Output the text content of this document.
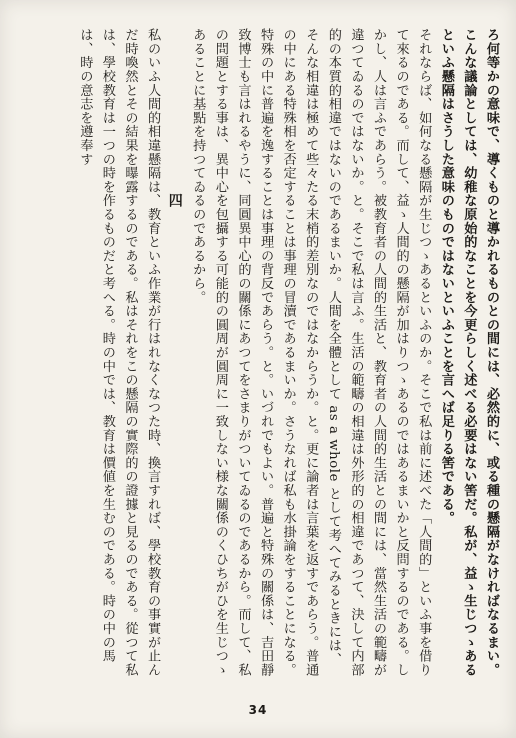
ろ何等かの意味で、導くものと導かれるものとの間には、必然的に、或る種の懸隔がなければなるまい。こんな議論としては、幼稚な原始的なことを今更らしく述べる必要はない筈だ。私が、益ゝ生じつゝあるといふ懸隔はさうした意味のものではないといふことを言へば足りる筈である。

それならば、如何なる懸隔が生じつゝあるといふのか。そこで私は前に述べた「人間的」といふ事を借りて來るのである。而して、益ゝ人間的の懸隔が加はりつゝあるのではあるまいかと反問するのである。しかし、人は言ふであらう。被教育者の人間的生活と、教育者の人間的生活との間には、當然生活の範疇が違つてゐるのではないか。と。そこで私は言ふ。生活の範疇の相違は外形的の相違であつて、決して内部的の本質的相違ではないのであるまいか。人間を全體として as a whole として考へてみるときには、そんな相違は極めて些々たる末梢的差別なのではなからうか。と。更に論者は言葉を返すであらう。普通の中にある特殊相を否定することは事理の冒瀆であるまいか。さうなれば私も水掛論をすることになる。特殊の中に普遍を逸することは事理の背反であらう。と。いづれでもよい。普遍と特殊の關係は、吉田靜致博士も言はれるやうに、同圓異中心的の關係にあつてをさまりがついてゐるのであるから。而して、私の問題とする事は、異中心を包攝する可能的の圓周が圓周に一致しない様な關係のくひちがひを生じつゝあることに基點を持つてゐるのであるから。

四

私のいふ人間的相違懸隔は、教育といふ作業が行はれなくなつた時、換言すれば、學校教育の事實が止んだ時喚然とその結果を曝露するのである。私はそれをこの懸隔の實際的の證據と見るのである。從つて私は、學校教育は一つの時を作るものだと考へる。時の中では、教育は價値を生むのである。時の中の馬は、時の意志を遵奉す

34
